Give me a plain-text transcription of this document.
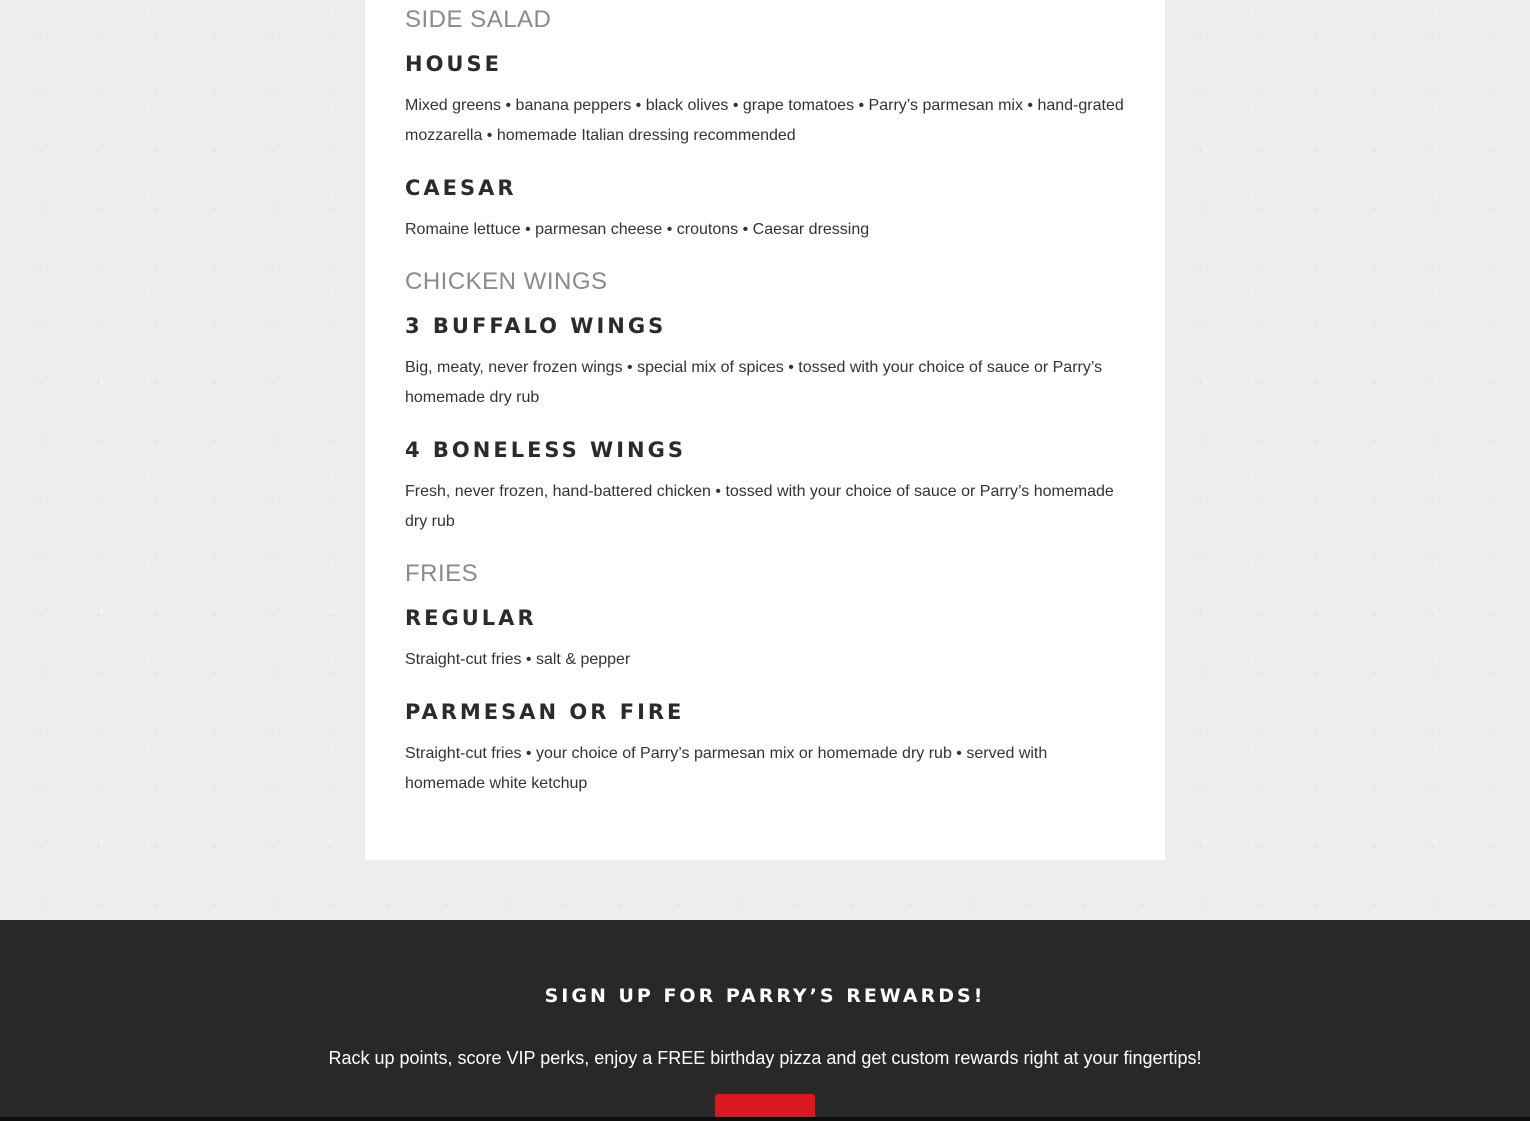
SIDE SALAD
HOUSE

Mixed greens • banana peppers • black olives • grape tomatoes • Parry’s parmesan mix • hand-grated mozzarella • homemade Italian dressing recommended

CAESAR

Romaine lettuce • parmesan cheese • croutons • Caesar dressing

CHICKEN WINGS
3 BUFFALO WINGS

Big, meaty, never frozen wings • special mix of spices • tossed with your choice of sauce or Parry’s homemade dry rub

4 BONELESS WINGS

Fresh, never frozen, hand-battered chicken • tossed with your choice of sauce or Parry’s homemade dry rub

FRIES
REGULAR

Straight-cut fries • salt & pepper

PARMESAN OR FIRE

Straight-cut fries • your choice of Parry’s parmesan mix or homemade dry rub • served with homemade white ketchup

SIGN UP FOR PARRY’S REWARDS!

Rack up points, score VIP perks, enjoy a FREE birthday pizza and get custom rewards right at your fingertips!
